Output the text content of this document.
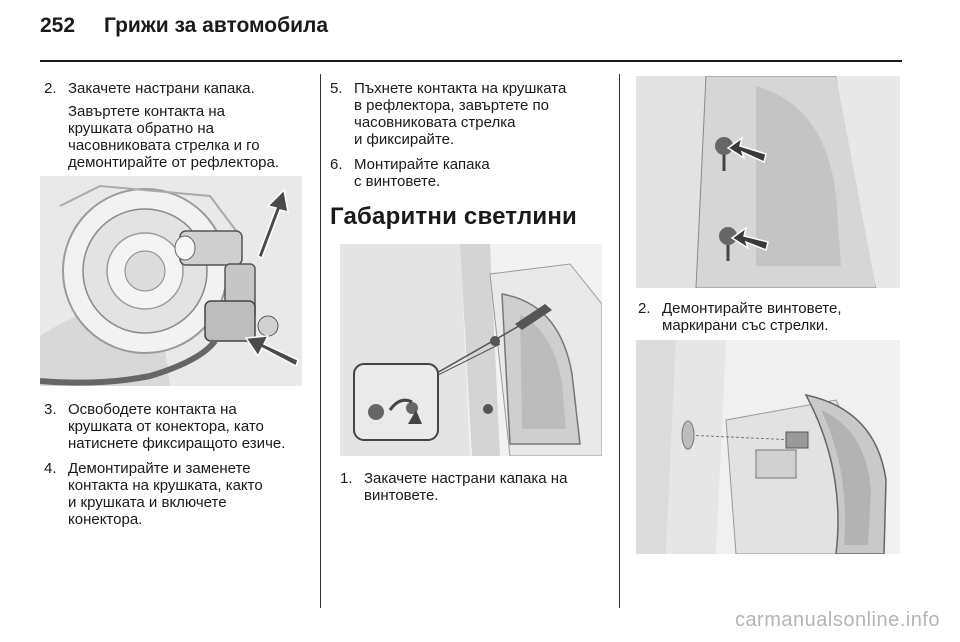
252	Грижи за автомобила
2. Закачете настрани капака.
Завъртете контакта на
крушката обратно на
часовниковата стрелка и го
демонтирайте от рефлектора.
3. Освободете контакта на
крушката от конектора, като
натиснете фиксиращото езиче.
4. Демонтирайте и заменете
контакта на крушката, както
и крушката и включете
конектора.
5. Пъхнете контакта на крушката
в рефлектора, завъртете по
часовниковата стрелка
и фиксирайте.
6. Монтирайте капака
с винтовете.
Габаритни светлини
1. Закачете настрани капака на
винтовете.
2. Демонтирайте винтовете,
маркирани със стрелки.
carmanualsonline.info
